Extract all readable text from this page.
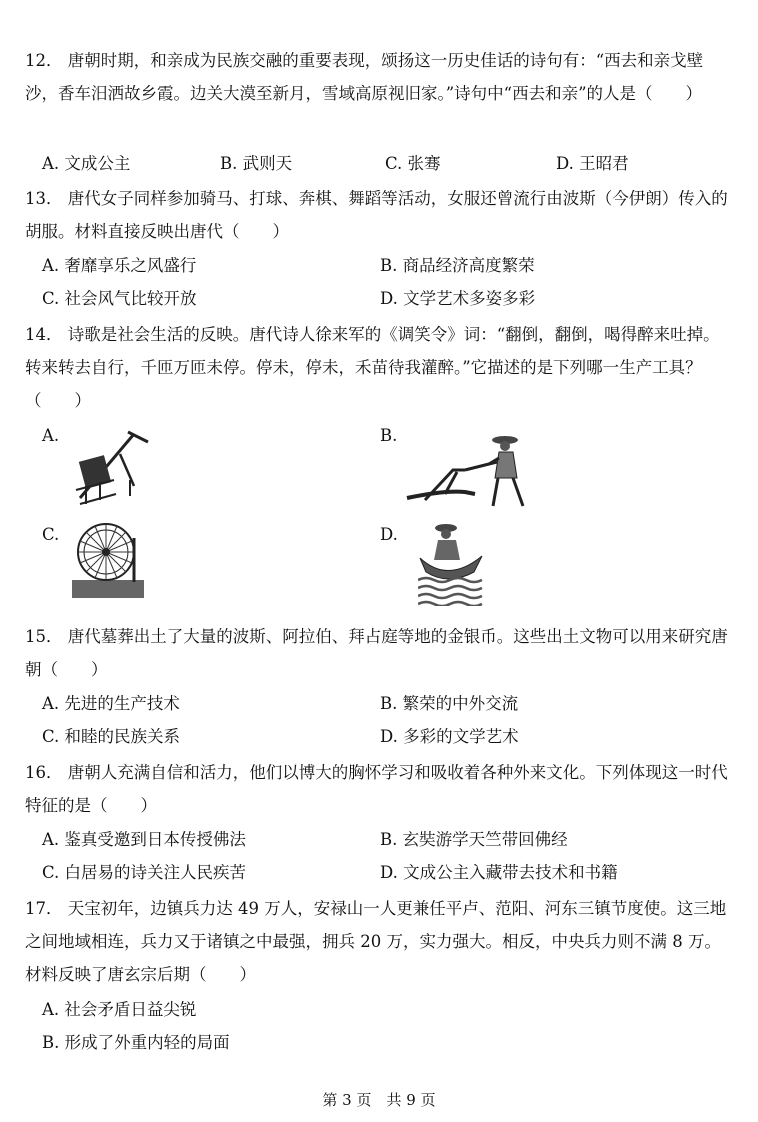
12． 唐朝时期，和亲成为民族交融的重要表现，颂扬这一历史佳话的诗句有：“西去和亲戈壁沙，香车汨洒故乡霞。边关大漠至新月，雪域高原视旧家。”诗句中“西去和亲”的人是（　　）
A. 文成公主	B. 武则天	C. 张骞	D. 王昭君
13． 唐代女子同样参加骑马、打球、奔棋、舞蹈等活动，女服还曾流行由波斯（今伊朗）传入的胡服。材料直接反映出唐代（　　）
A. 奢靡享乐之风盛行	B. 商品经济高度繁荣
C. 社会风气比较开放	D. 文学艺术多姿多彩
14． 诗歌是社会生活的反映。唐代诗人徐来军的《调笑令》词：“翻倒，翻倒，喝得醉来吐掉。转来转去自行，千匝万匝未停。停未，停未，禾苗待我灌醉。”它描述的是下列哪一生产工具？（　　）
A.	B.
C.	D.
15． 唐代墓葬出土了大量的波斯、阿拉伯、拜占庭等地的金银币。这些出土文物可以用来研究唐朝（　　）
A. 先进的生产技术	B. 繁荣的中外交流
C. 和睦的民族关系	D. 多彩的文学艺术
16． 唐朝人充满自信和活力，他们以博大的胸怀学习和吸收着各种外来文化。下列体现这一时代特征的是（　　）
A. 鉴真受邀到日本传授佛法	B. 玄奘游学天竺带回佛经
C. 白居易的诗关注人民疾苦	D. 文成公主入藏带去技术和书籍
17． 天宝初年，边镇兵力达 49 万人，安禄山一人更兼任平卢、范阳、河东三镇节度使。这三地之间地域相连，兵力又于诸镇之中最强，拥兵 20 万，实力强大。相反，中央兵力则不满 8 万。材料反映了唐玄宗后期（　　）
A. 社会矛盾日益尖锐
B. 形成了外重内轻的局面
第 3 页　共 9 页
